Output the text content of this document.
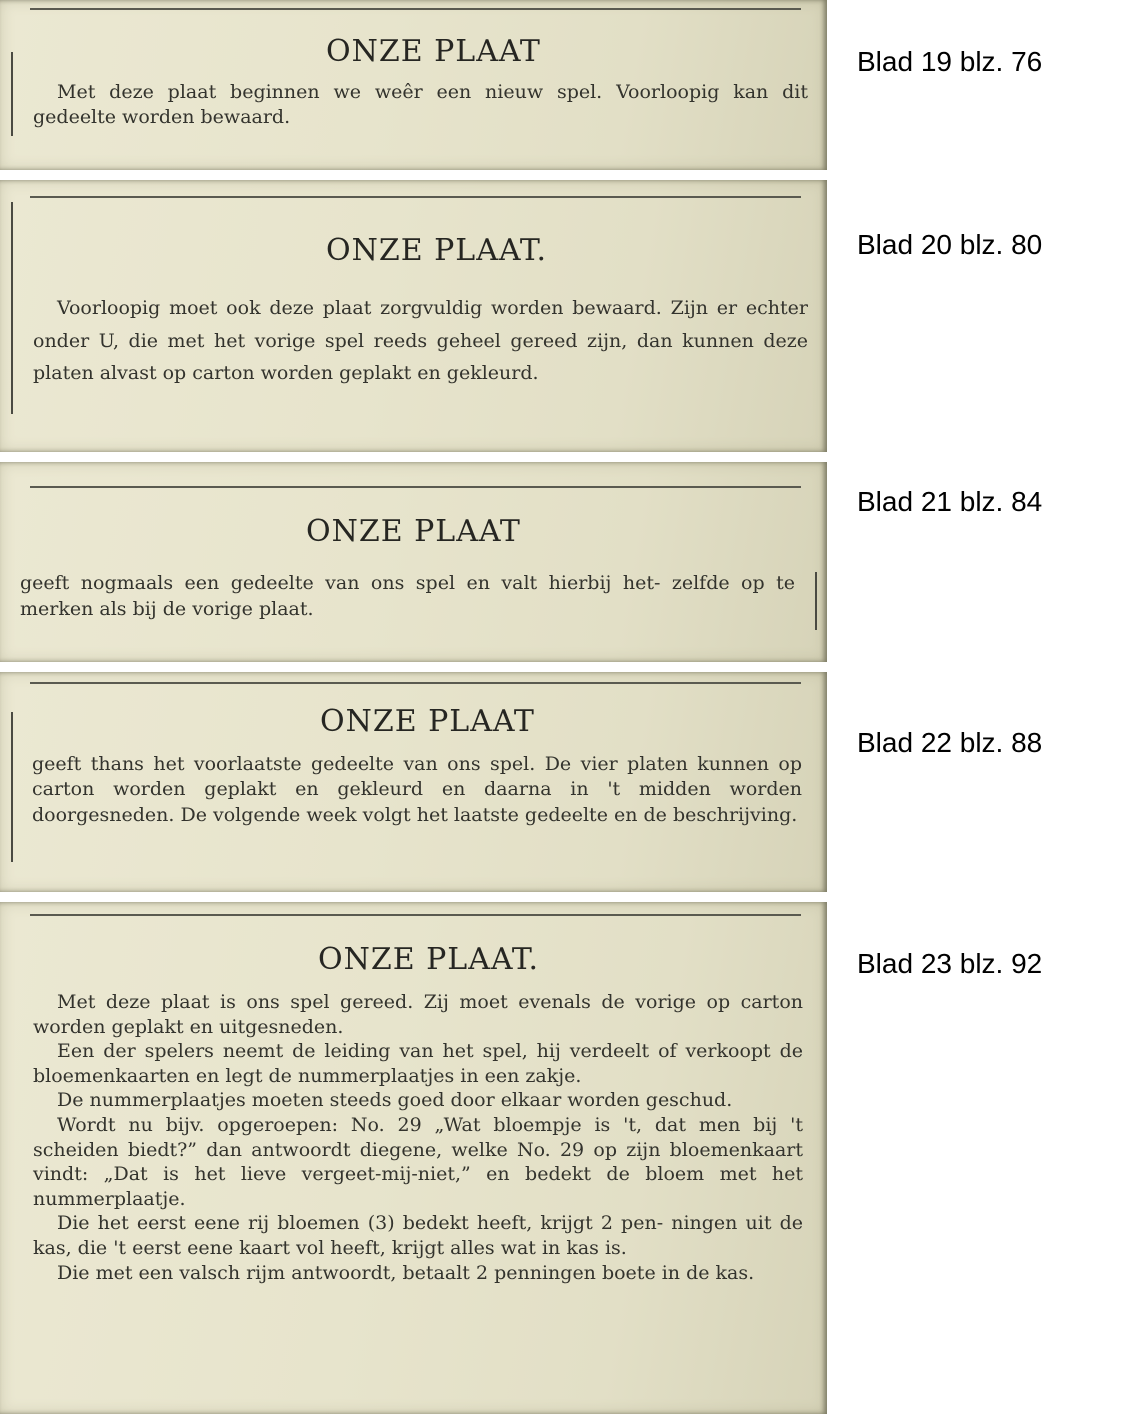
ONZE PLAAT

Met deze plaat beginnen we weêr een nieuw spel. Voorloopig kan dit gedeelte worden bewaard.

Blad 19 blz. 76

ONZE PLAAT.

Voorloopig moet ook deze plaat zorgvuldig worden bewaard. Zijn er echter onder U, die met het vorige spel reeds geheel gereed zijn, dan kunnen deze platen alvast op carton worden geplakt en gekleurd.

Blad 20 blz. 80

ONZE PLAAT

geeft nogmaals een gedeelte van ons spel en valt hierbij het- zelfde op te merken als bij de vorige plaat.

Blad 21 blz. 84

ONZE PLAAT

geeft thans het voorlaatste gedeelte van ons spel. De vier platen kunnen op carton worden geplakt en gekleurd en daarna in 't midden worden doorgesneden. De volgende week volgt het laatste gedeelte en de beschrijving.

Blad 22 blz. 88

ONZE PLAAT.

Met deze plaat is ons spel gereed. Zij moet evenals de vorige op carton worden geplakt en uitgesneden.

Een der spelers neemt de leiding van het spel, hij verdeelt of verkoopt de bloemenkaarten en legt de nummerplaatjes in een zakje.

De nummerplaatjes moeten steeds goed door elkaar worden geschud.

Wordt nu bijv. opgeroepen: No. 29 „Wat bloempje is 't, dat men bij 't scheiden biedt?” dan antwoordt diegene, welke No. 29 op zijn bloemenkaart vindt: „Dat is het lieve vergeet-mij-niet,” en bedekt de bloem met het nummerplaatje.

Die het eerst eene rij bloemen (3) bedekt heeft, krijgt 2 pen- ningen uit de kas, die 't eerst eene kaart vol heeft, krijgt alles wat in kas is.

Die met een valsch rijm antwoordt, betaalt 2 penningen boete in de kas.

Blad 23 blz. 92
